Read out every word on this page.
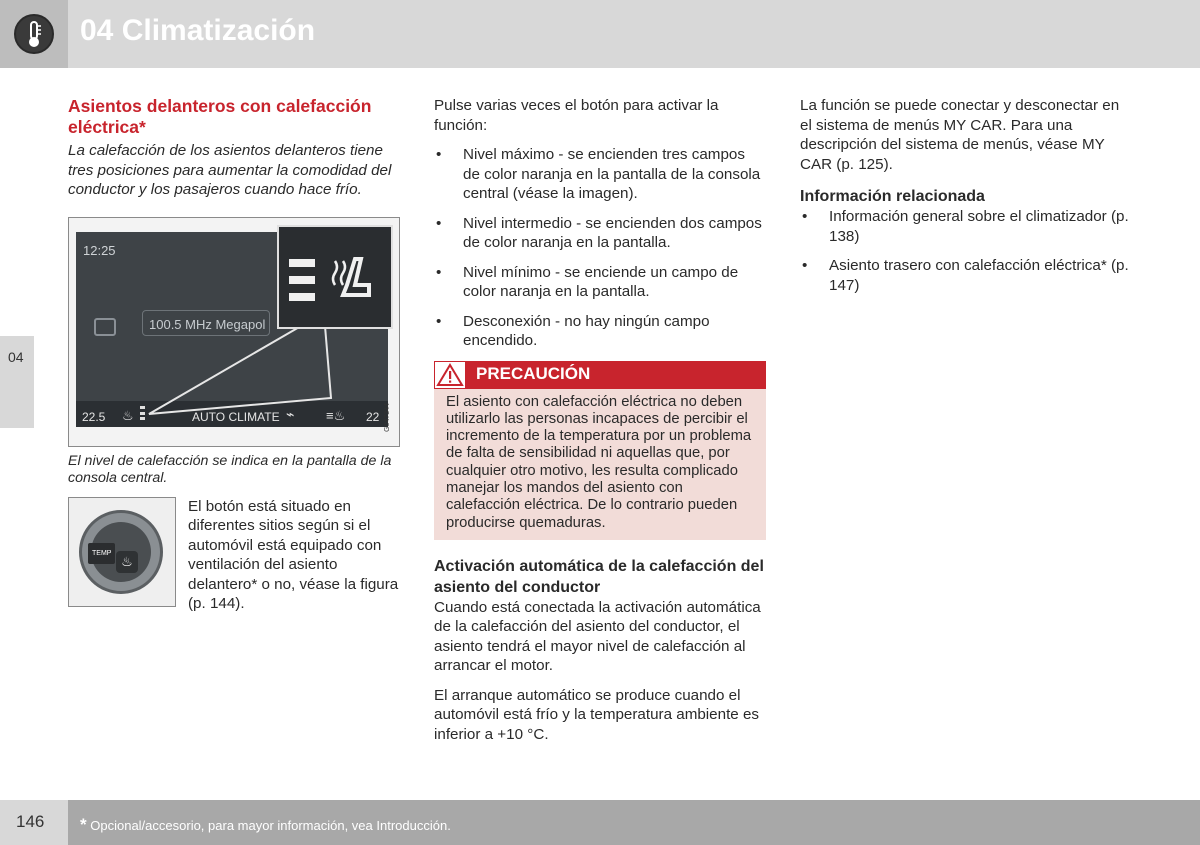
04 Climatización
04
Asientos delanteros con calefacción eléctrica*

La calefacción de los asientos delanteros tiene tres posiciones para aumentar la comodidad del conductor y los pasajeros cuando hace frío.

12:25
100.5 MHz Megapol
22.5 ♨	AUTO CLIMATE ⌁ ≡♨ 22 G047344
El nivel de calefacción se indica en la pantalla de la consola central.
TEMP
♨
El botón está situado en diferentes sitios según si el automóvil está equipado con ventilación del asiento delantero* o no, véase la figura (p. 144).

Pulse varias veces el botón para activar la función:

• Nivel máximo - se encienden tres campos de color naranja en la pantalla de la consola central (véase la imagen).
• Nivel intermedio - se encienden dos campos de color naranja en la pantalla.
• Nivel mínimo - se enciende un campo de color naranja en la pantalla.
• Desconexión - no hay ningún campo encendido.
PRECAUCIÓN
El asiento con calefacción eléctrica no deben utilizarlo las personas incapaces de percibir el incremento de la temperatura por un problema de falta de sensibilidad ni aquellas que, por cualquier otro motivo, les resulta complicado manejar los mandos del asiento con calefacción eléctrica. De lo contrario pueden producirse quemaduras.
Activación automática de la calefacción del asiento del conductor

Cuando está conectada la activación automática de la calefacción del asiento del conductor, el asiento tendrá el mayor nivel de calefacción al arrancar el motor.

El arranque automático se produce cuando el automóvil está frío y la temperatura ambiente es inferior a +10 °C.

La función se puede conectar y desconectar en el sistema de menús MY CAR. Para una descripción del sistema de menús, véase MY CAR (p. 125).

Información relacionada
• Información general sobre el climatizador (p. 138)
• Asiento trasero con calefacción eléctrica* (p. 147)
146 * Opcional/accesorio, para mayor información, vea Introducción.
